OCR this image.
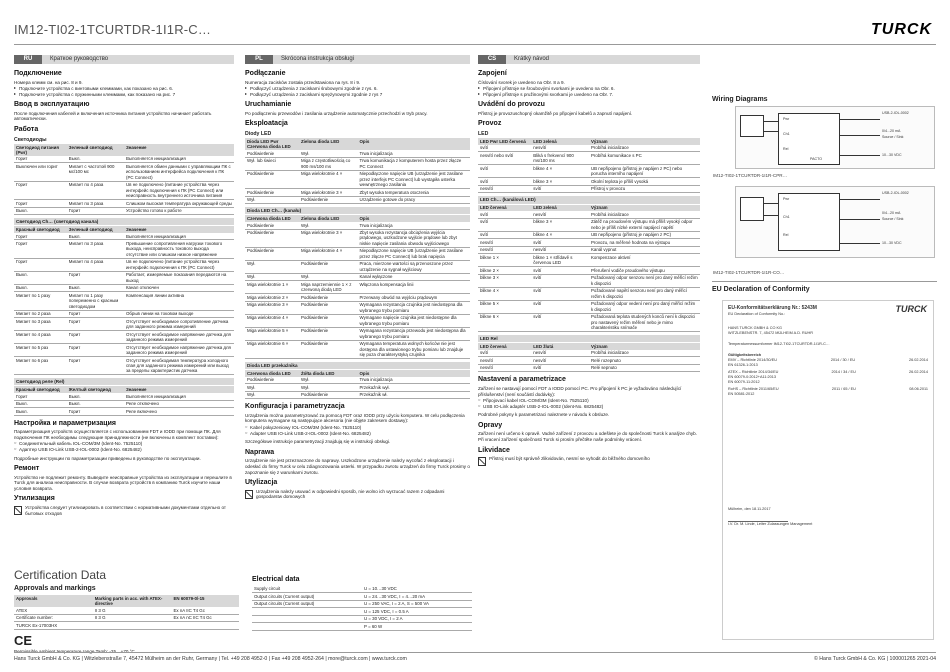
IM12-TI02-1TCURTDR-1I1R-C…	TURCK
RU	Краткое руководство	PL	Skrócona instrukcja obsługi	CS	Krátký návod
Подключение

Номера клемм см. на рис. 8 и 9.

▸ Подключите устройства с винтовыми клеммами, как показано на рис. 6.
▸ Подключите устройства с пружинными клеммами, как показано на рис. 7
Ввод в эксплуатацию

После подключения кабелей и включения источника питания устройство начинает работать автоматически.

Работа
Светодиоды
Светодиод питания (Pwr)	Зеленый светодиод	Значение
Горит	Выкл.	Выполняется инициализация
Выключен или горит	Мигает с частотой 900 мс/100 мс	Выполняется обмен данными с управляющим ПК с использованием интерфейса подключения к ПК (PC Connect)
Горит	Мигает по 4 раза	Uв не подключено (питание устройства через интерфейс подключения к ПК (PC Connect) или неисправность внутреннего источника питания
Горит	Мигает по 3 раза	Слишком высокая температура окружающей среды
Выкл.	Горит	Устройство готово к работе
Светодиод Ch… (светодиод канала)
Красный светодиод	Зеленый светодиод	Значение
Горит	Выкл.	Выполняется инициализация
Горит	Мигает по 3 раза	Превышение сопротивления нагрузки токового выхода, неисправность токового выхода отсутствие или слишком низкое напряжение
Горит	Мигает по 4 раза	Uв не подключено (питание устройства через интерфейс подключения к ПК (PC Connect)
Выкл.	Горит	Работает, измеряемые показания передаются на выход
Выкл.	Выкл.	Канал отключен
Мигает по 1 разу	Мигает по 1 разу попеременно с красным светодиодом	Компенсация линии активна
Мигает по 2 раза	Горит	Обрыв линии на токовом выходе
Мигает по 3 раза	Горит	Отсутствует необходимое сопротивление датчика для заданного режима измерений
Мигает по 4 раза	Горит	Отсутствует необходимое напряжение датчика для заданного режима измерений
Мигает по 5 раз	Горит	Отсутствует необходимое напряжение датчика для заданного режима измерений
Мигает по 6 раз	Горит	Отсутствует необходимая температура холодного спая для заданного режима измерений или выход за пределы характеристик датчика
Светодиод реле (Rel)
Красный светодиод	Желтый светодиод	Значение
Горит	Выкл.	Выполняется инициализация
Выкл.	Выкл.	Реле отключено
Выкл.	Горит	Реле включено
Настройка и параметризация

Параметризация устройств осуществляется с использованием FDT и IODD при помощи ПК. Для подключения ПК необходимы следующие принадлежности (не включены в комплект поставки):

○ Соединительный кабель IOL-COM/3M (Ident-No. 7525110)
○ Адаптер USB IO-Link USB-2-IOL-0002 (Ident-No. 6825482)

Подробные инструкции по параметризации приведены в руководстве по эксплуатации.

Ремонт

Устройство не подлежит ремонту. Выведите неисправные устройства из эксплуатации и перешлите в Turck для анализа неисправности. В случае возврата устройств в компанию Turck изучите наши условия возврата.

Утилизация

Устройства следует утилизировать в соответствии с нормативными документами отдельно от бытовых отходов

Podłączanie

Numeracja zacisków została przedstawiona na rys. 8 i 9.

▸ Podłączyć urządzenia z zaciskami śrubowymi zgodnie z rys. 6.
▸ Podłączyć urządzenia z zaciskami sprężynowymi zgodnie z rys 7
Uruchamianie

Po podłączeniu przewodów i zasilania urządzenie automatycznie przechodzi w tryb pracy.

Eksploatacja
Diody LED
Dioda LED Pwr Czerwona dioda LED	Zielona dioda LED	Opis
Podświetlenie	Wył.	Trwa inicjalizacja
Wył. lub świeci	Miga z częstotliwością co 900 ms/100 ms	Trwa komunikacja z komputerem hosta przez złącze PC Connect
Podświetlenie	Miga wielokrotnie 4 ×	Niepodłączone napięcie UB (urządzenie jest zasilane przez interfejs PC Connect) lub wystąpiła usterka wewnętrznego zasilania
Podświetlenie	Miga wielokrotnie 3 ×	Zbyt wysoka temperatura otoczenia
Wył.	Podświetlenie	Urządzenie gotowe do pracy
Dioda LED Ch… (kanału)
Czerwona dioda LED	Zielona dioda LED	Opis
Podświetlenie	Wył.	Trwa inicjalizacja
Podświetlenie	Miga wielokrotnie 3 ×	Zbyt wysoka rezystancja obciążenia wyjścia prądowego, uszkodzone wyjście prądowe lub zbyt niskie napięcie zasilania obwodu wyjściowego
Podświetlenie	Miga wielokrotnie 4 ×	Niepodłączone napięcie UB (urządzenie jest zasilane przez złącze PC Connect) lub brak napięcia
Wył.	Podświetlenie	Praca, mierzone wartości są przenoszone przez urządzenie na sygnał wyjściowy
Wył.	Wył.	Kanał wyłączone
Miga wielokrotnie 1 ×	Miga naprzemiennie 1 × z czerwoną diodą LED	Włączona kompensacja linii
Miga wielokrotnie 2 ×	Podświetlenie	Przerwany obwód na wyjściu prądowym
Miga wielokrotnie 3 ×	Podświetlenie	Wymagana rezystancja czujnika jest niedostępna dla wybranego trybu pomiaru
Miga wielokrotnie 4 ×	Podświetlenie	Wymagane napięcie czujnika jest niedostępne dla wybranego trybu pomiaru
Miga wielokrotnie 5 ×	Podświetlenie	Wymagana rezystancja przewodu jest niedostępna dla wybranego trybu pomiaru
Miga wielokrotnie 6 ×	Podświetlenie	Wymagana temperatura wolnych końców nie jest dostępna dla ustawionego trybu pomiaru lub znajduje się poza charakterystyką czujnika
Dioda LED przekaźnika
Czerwona dioda LED	Żółta dioda LED	Opis
Podświetlenie	Wył.	Trwa inicjalizacja
Wył.	Wył.	Przekaźnik wył.
Wył.	Podświetlenie	Przekaźnik wł.
Konfiguracja i parametryzacja

Urządzenia można parametryzować za pomocą FDT oraz IODD przy użyciu komputera. W celu podłączenia komputera wymagane są następujące akcesoria (nie objęte zakresem dostawy):

○ Kabel połączeniowy IOL-COM/3M (Ident-No. 7525110)
○ Adapter USB IO-Link USB-2-IOL-0002 (Ident-No. 6825482)

Szczegółowe instrukcje parametryzacji znajdują się w instrukcji obsługi.

Naprawa

Urządzenie nie jest przeznaczone do naprawy. Uszkodzone urządzenie należy wycofać z eksploatacji i odesłać do firmy Turck w celu zdiagnozowania usterki. W przypadku zwrotu urządzeń do firmy Turck prosimy o zapoznanie się z warunkami zwrotu.

Utylizacja

Urządzenia należy usuwać w odpowiedni sposób, nie wolno ich wyrzucać razem z odpadami gospodarstw domowych

Zapojení

Číslování svorek je uvedeno na Obr. 8 a 9.

▸ Připojení přístroje se šroubovými svorkami je uvedeno na Obr. 6.
▸ Připojení přístroje s pružinovými svorkami je uvedeno na Obr. 7.
Uvádění do provozu

Přístroj je provozuschopný okamžitě po připojení kabelů a zapnutí napájení.

Provoz
LED
LED Pwr LED červená	LED zelená	Význam
svítí	nesvítí	Probíhá inicializace
nesvítí nebo svítí	Bliká s frekvencí 900 ms/100 ms	Probíhá komunikace s PC
svítí	blikne 4 ×	UB nepřipojeno (přístroj je napájen z PC) nebo porucha interního napájení
svítí	blikne 3 ×	Okolní teplota je příliš vysoká
nesvítí	svítí	Přístroj v provozu
LED Ch… (kanálová LED)
LED červená	LED zelená	Význam
svítí	nesvítí	Probíhá inicializace
svítí	blikne 3 ×	Zátěž na proudovém výstupu má příliš vysoký odpor nebo je příliš nízké externí napájecí napětí
svítí	blikne 4 ×	UB nepřipojeno (přístroj je napájen z PC)
nesvítí	svítí	Provozu, na měřené hodnota na výstupu
nesvítí	nesvítí	Kanál vypnut
blikne 1 ×	blikne 1 × střídavě s červenou LED	Kompenzace aktivní
blikne 2 ×	svítí	Přerušení vodiče proudového výstupu
blikne 3 ×	svítí	Požadovaný odpor senzoru není pro daný měřicí režim k dispozici
blikne 4 ×	svítí	Požadované napětí senzoru není pro daný měřicí režim k dispozici
blikne 5 ×	svítí	Požadovaný odpor vedení není pro daný měřicí režim k dispozici
blikne 6 ×	svítí	Požadovaná teplota studených konců není k dispozici pro nastavený režim měření nebo je mimo charakteristiku snímače
LED Rel
LED červená	LED žlutá	Význam
svítí	nesvítí	Probíhá inicializace
nesvítí	nesvítí	Relé rozepnuto
nesvítí	svítí	Relé sepnuto
Nastavení a parametrizace

Zařízení se nastavují pomocí FDT a IODD pomocí PC. Pro připojení k PC je vyžadováno následující příslušenství (není součástí dodávky):

○ Připojovací kabel IOL-COM/3M (Ident-No. 7525110)
○ USB IO-Link adaptér USB-2-IOL-0002 (Ident-No. 6825482)

Podrobné pokyny k parametrizaci naleznete v návodu k obsluze.

Opravy

Zařízení není určeno k opravě. Vadné zařízení z provozu a odešlete je do společnosti Turck k analýze chyb. Při vracení zařízení společnosti Turck si prosím přečtěte naše podmínky vrácení.

Likvidace

Přístroj musí být správně zlikvidován, nesmí se vyhodit do běžného domovního

Certification Data
Approvals and markings
Approvals	Marking parts in acc. with ATEX-directive	EN 60079-0/-15
ATEX	II 3 G	Ex nA IIC T4 Gc
Certificate number:	II 3 G	Ex nA nC IIC T4 Gc
TURCK Ex-17003HX		
CE

Permissible ambient temperature range Tamb: -25…+70 °C

Electrical data
Supply circuit	U = 10…30 VDC
Output circuits (Current output)	U = 24…30 VDC, I = 4…20 mA
Output circuits (Current output)	U = 250 VAC, I = 2 A, S = 500 VA
	U = 125 VDC, I = 0.5 A
	U = 30 VDC, I = 2 A
	P = 60 W
Wiring Diagrams
Pwr
Ch1
Rel
USB-2-IOL-0002
0/4...20 mA
Source / Sink
10...30 VDC
PACTO
IM12-TI02-1TCURTDR-1I1R-CPR…
Pwr
Ch1
Rel
USB-2-IOL-0002
0/4...20 mA
Source / Sink
10...30 VDC
IM12-TI02-1TCURTDR-1I1R-CO…
EU Declaration of Conformity
TURCK
EU-Konformitätserklärung Nr.: 5243M
EU Declaration of Conformity No.:
HANS TURCK GMBH & CO KG
WITZLEBENSTR. 7, 45472 MÜLHEIM A.D. RUHR
Temperaturmessumformer IM12-TI02-1TCURTDR-1I1R-C…
Gültigkeitsbereich
EMV – Richtlinie 2014/30/EU	2014 / 30 / EU	26.02.2014
EN 61326-1:2013
ATEX – Richtlinie 2014/34/EU	2014 / 34 / EU	26.02.2014
EN 60079-0:2012+A11:2013
EN 60079-11:2012
RoHS – Richtlinie 2011/65/EU	2011 / 65 / EU	08.06.2011
EN 50581:2012
Mülheim, den 18.11.2017
i.V. Dr. M. Linde, Leiter Zulassungen Management
Hans Turck GmbH & Co. KG | Witzlebenstraße 7, 45472 Mülheim an der Ruhr, Germany | Tel. +49 208 4952-0 | Fax +49 208 4952-264 | more@turck.com | www.turck.com	© Hans Turck GmbH & Co. KG | 100001265 2021-04
